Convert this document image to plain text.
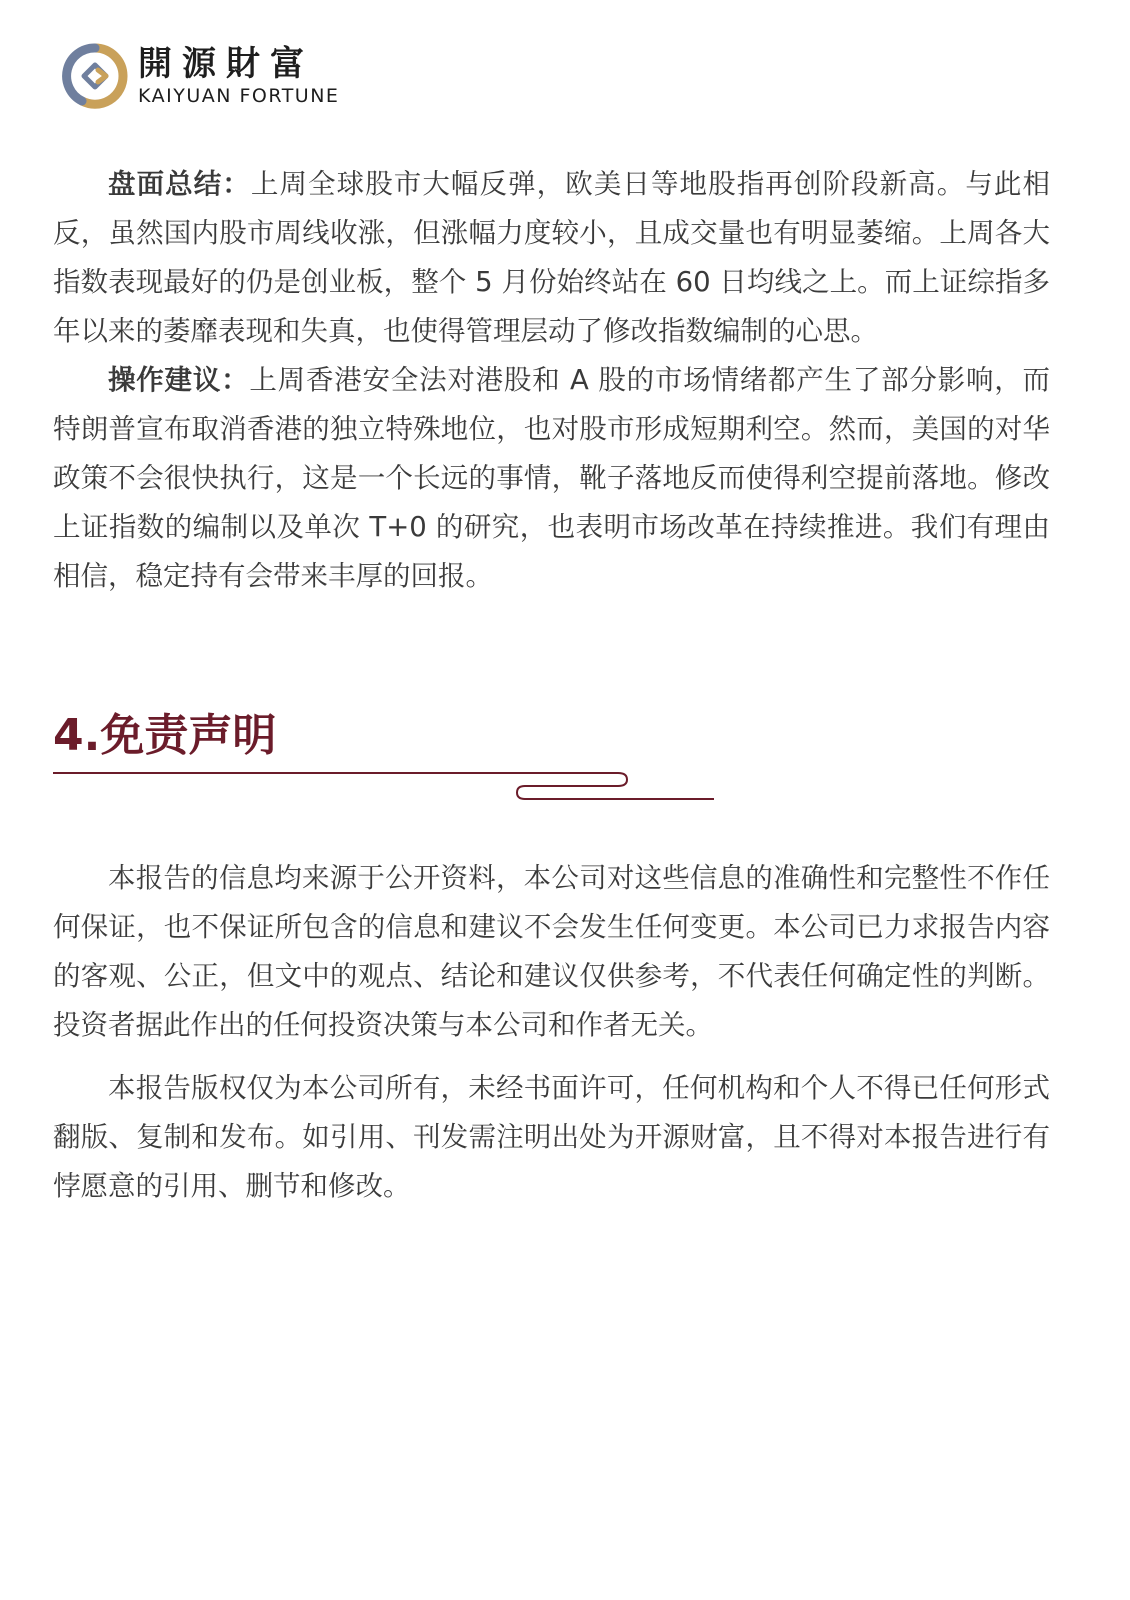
開源財富
KAIYUAN FORTUNE

盘面总结：上周全球股市大幅反弹，欧美日等地股指再创阶段新高。与此相反，虽然国内股市周线收涨，但涨幅力度较小，且成交量也有明显萎缩。上周各大指数表现最好的仍是创业板，整个 5 月份始终站在 60 日均线之上。而上证综指多年以来的萎靡表现和失真，也使得管理层动了修改指数编制的心思。

操作建议：上周香港安全法对港股和 A 股的市场情绪都产生了部分影响，而特朗普宣布取消香港的独立特殊地位，也对股市形成短期利空。然而，美国的对华政策不会很快执行，这是一个长远的事情，靴子落地反而使得利空提前落地。修改上证指数的编制以及单次 T+0 的研究，也表明市场改革在持续推进。我们有理由相信，稳定持有会带来丰厚的回报。

4.免责声明

本报告的信息均来源于公开资料，本公司对这些信息的准确性和完整性不作任何保证，也不保证所包含的信息和建议不会发生任何变更。本公司已力求报告内容的客观、公正，但文中的观点、结论和建议仅供参考，不代表任何确定性的判断。投资者据此作出的任何投资决策与本公司和作者无关。

本报告版权仅为本公司所有，未经书面许可，任何机构和个人不得已任何形式翻版、复制和发布。如引用、刊发需注明出处为开源财富，且不得对本报告进行有悖愿意的引用、删节和修改。
